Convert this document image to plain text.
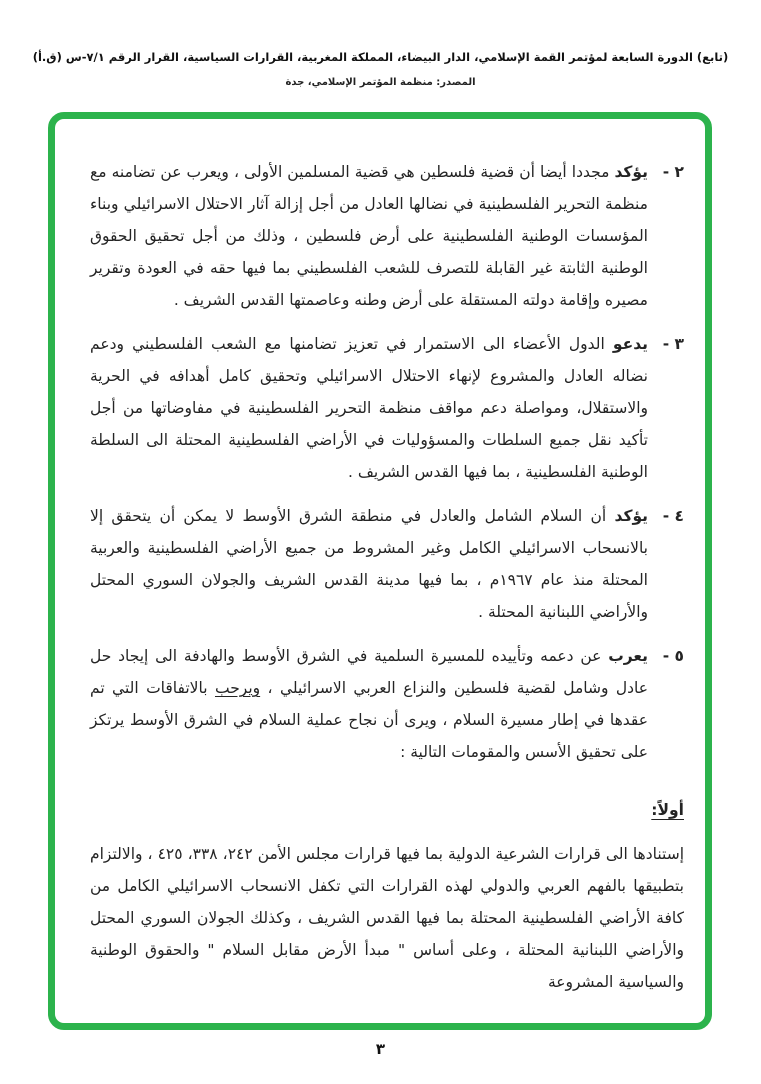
(تابع) الدورة السابعة لمؤتمر القمة الإسلامي، الدار البيضاء، المملكة المغربية، القرارات السياسية، القرار الرقم ٧/١-س (ق.أ)
المصدر: منظمة المؤتمر الإسلامي، جدة
٢ -

يؤكد مجددا أيضا أن قضية فلسطين هي قضية المسلمين الأولى ، ويعرب عن تضامنه مع منظمة التحرير الفلسطينية في نضالها العادل من أجل إزالة آثار الاحتلال الاسرائيلي وبناء المؤسسات الوطنية الفلسطينية على أرض فلسطين ، وذلك من أجل تحقيق الحقوق الوطنية الثابتة غير القابلة للتصرف للشعب الفلسطيني بما فيها حقه في العودة وتقرير مصيره وإقامة دولته المستقلة على أرض وطنه وعاصمتها القدس الشريف .

٣ -

يدعو الدول الأعضاء الى الاستمرار في تعزيز تضامنها مع الشعب الفلسطيني ودعم نضاله العادل والمشروع لإنهاء الاحتلال الاسرائيلي وتحقيق كامل أهدافه في الحرية والاستقلال، ومواصلة دعم مواقف منظمة التحرير الفلسطينية في مفاوضاتها من أجل تأكيد نقل جميع السلطات والمسؤوليات في الأراضي الفلسطينية المحتلة الى السلطة الوطنية الفلسطينية ، بما فيها القدس الشريف .

٤ -

يؤكد أن السلام الشامل والعادل في منطقة الشرق الأوسط لا يمكن أن يتحقق إلا بالانسحاب الاسرائيلي الكامل وغير المشروط من جميع الأراضي الفلسطينية والعربية المحتلة منذ عام ١٩٦٧م ، بما فيها مدينة القدس الشريف والجولان السوري المحتل والأراضي اللبنانية المحتلة .

٥ -

يعرب عن دعمه وتأييده للمسيرة السلمية في الشرق الأوسط والهادفة الى إيجاد حل عادل وشامل لقضية فلسطين والنزاع العربي الاسرائيلي ، ويرحب بالاتفاقات التي تم عقدها في إطار مسيرة السلام ، ويرى أن نجاح عملية السلام في الشرق الأوسط يرتكز على تحقيق الأسس والمقومات التالية :

أولاً:

إستنادها الى قرارات الشرعية الدولية بما فيها قرارات مجلس الأمن ٢٤٢، ٣٣٨، ٤٢٥ ، والالتزام بتطبيقها بالفهم العربي والدولي لهذه القرارات التي تكفل الانسحاب الاسرائيلي الكامل من كافة الأراضي الفلسطينية المحتلة بما فيها القدس الشريف ، وكذلك الجولان السوري المحتل والأراضي اللبنانية المحتلة ، وعلى أساس " مبدأ الأرض مقابل السلام " والحقوق الوطنية والسياسية المشروعة

٣
